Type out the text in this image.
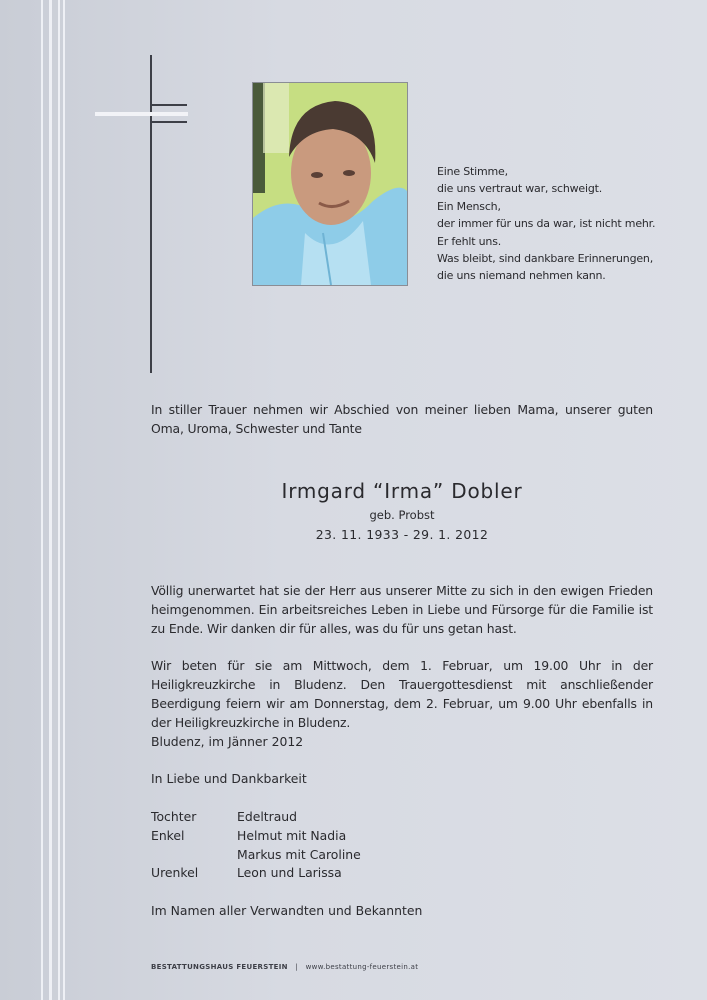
Eine Stimme,
die uns vertraut war, schweigt.
Ein Mensch,
der immer für uns da war, ist nicht mehr.
Er fehlt uns.
Was bleibt, sind dankbare Erinnerungen,
die uns niemand nehmen kann.
In stiller Trauer nehmen wir Abschied von meiner lieben Mama, unserer guten Oma, Uroma, Schwester und Tante
Irmgard “Irma” Dobler
geb. Probst
23. 11. 1933 - 29. 1. 2012
Völlig unerwartet hat sie der Herr aus unserer Mitte zu sich in den ewigen Frieden heimgenommen. Ein arbeitsreiches Leben in Liebe und Fürsorge für die Familie ist zu Ende. Wir danken dir für alles, was du für uns getan hast.
Wir beten für sie am Mittwoch, dem 1. Februar, um 19.00 Uhr in der Heiligkreuzkirche in Bludenz. Den Trauergottesdienst mit anschließender Beerdigung feiern wir am Donnerstag, dem 2. Februar, um 9.00 Uhr ebenfalls in der Heiligkreuzkirche in Bludenz.
Bludenz, im Jänner 2012
In Liebe und Dankbarkeit
Tochter	Edeltraud
Enkel	Helmut mit Nadia
Markus mit Caroline
Urenkel	Leon und Larissa
Im Namen aller Verwandten und Bekannten
BESTATTUNGSHAUS FEUERSTEIN | www.bestattung-feuerstein.at
